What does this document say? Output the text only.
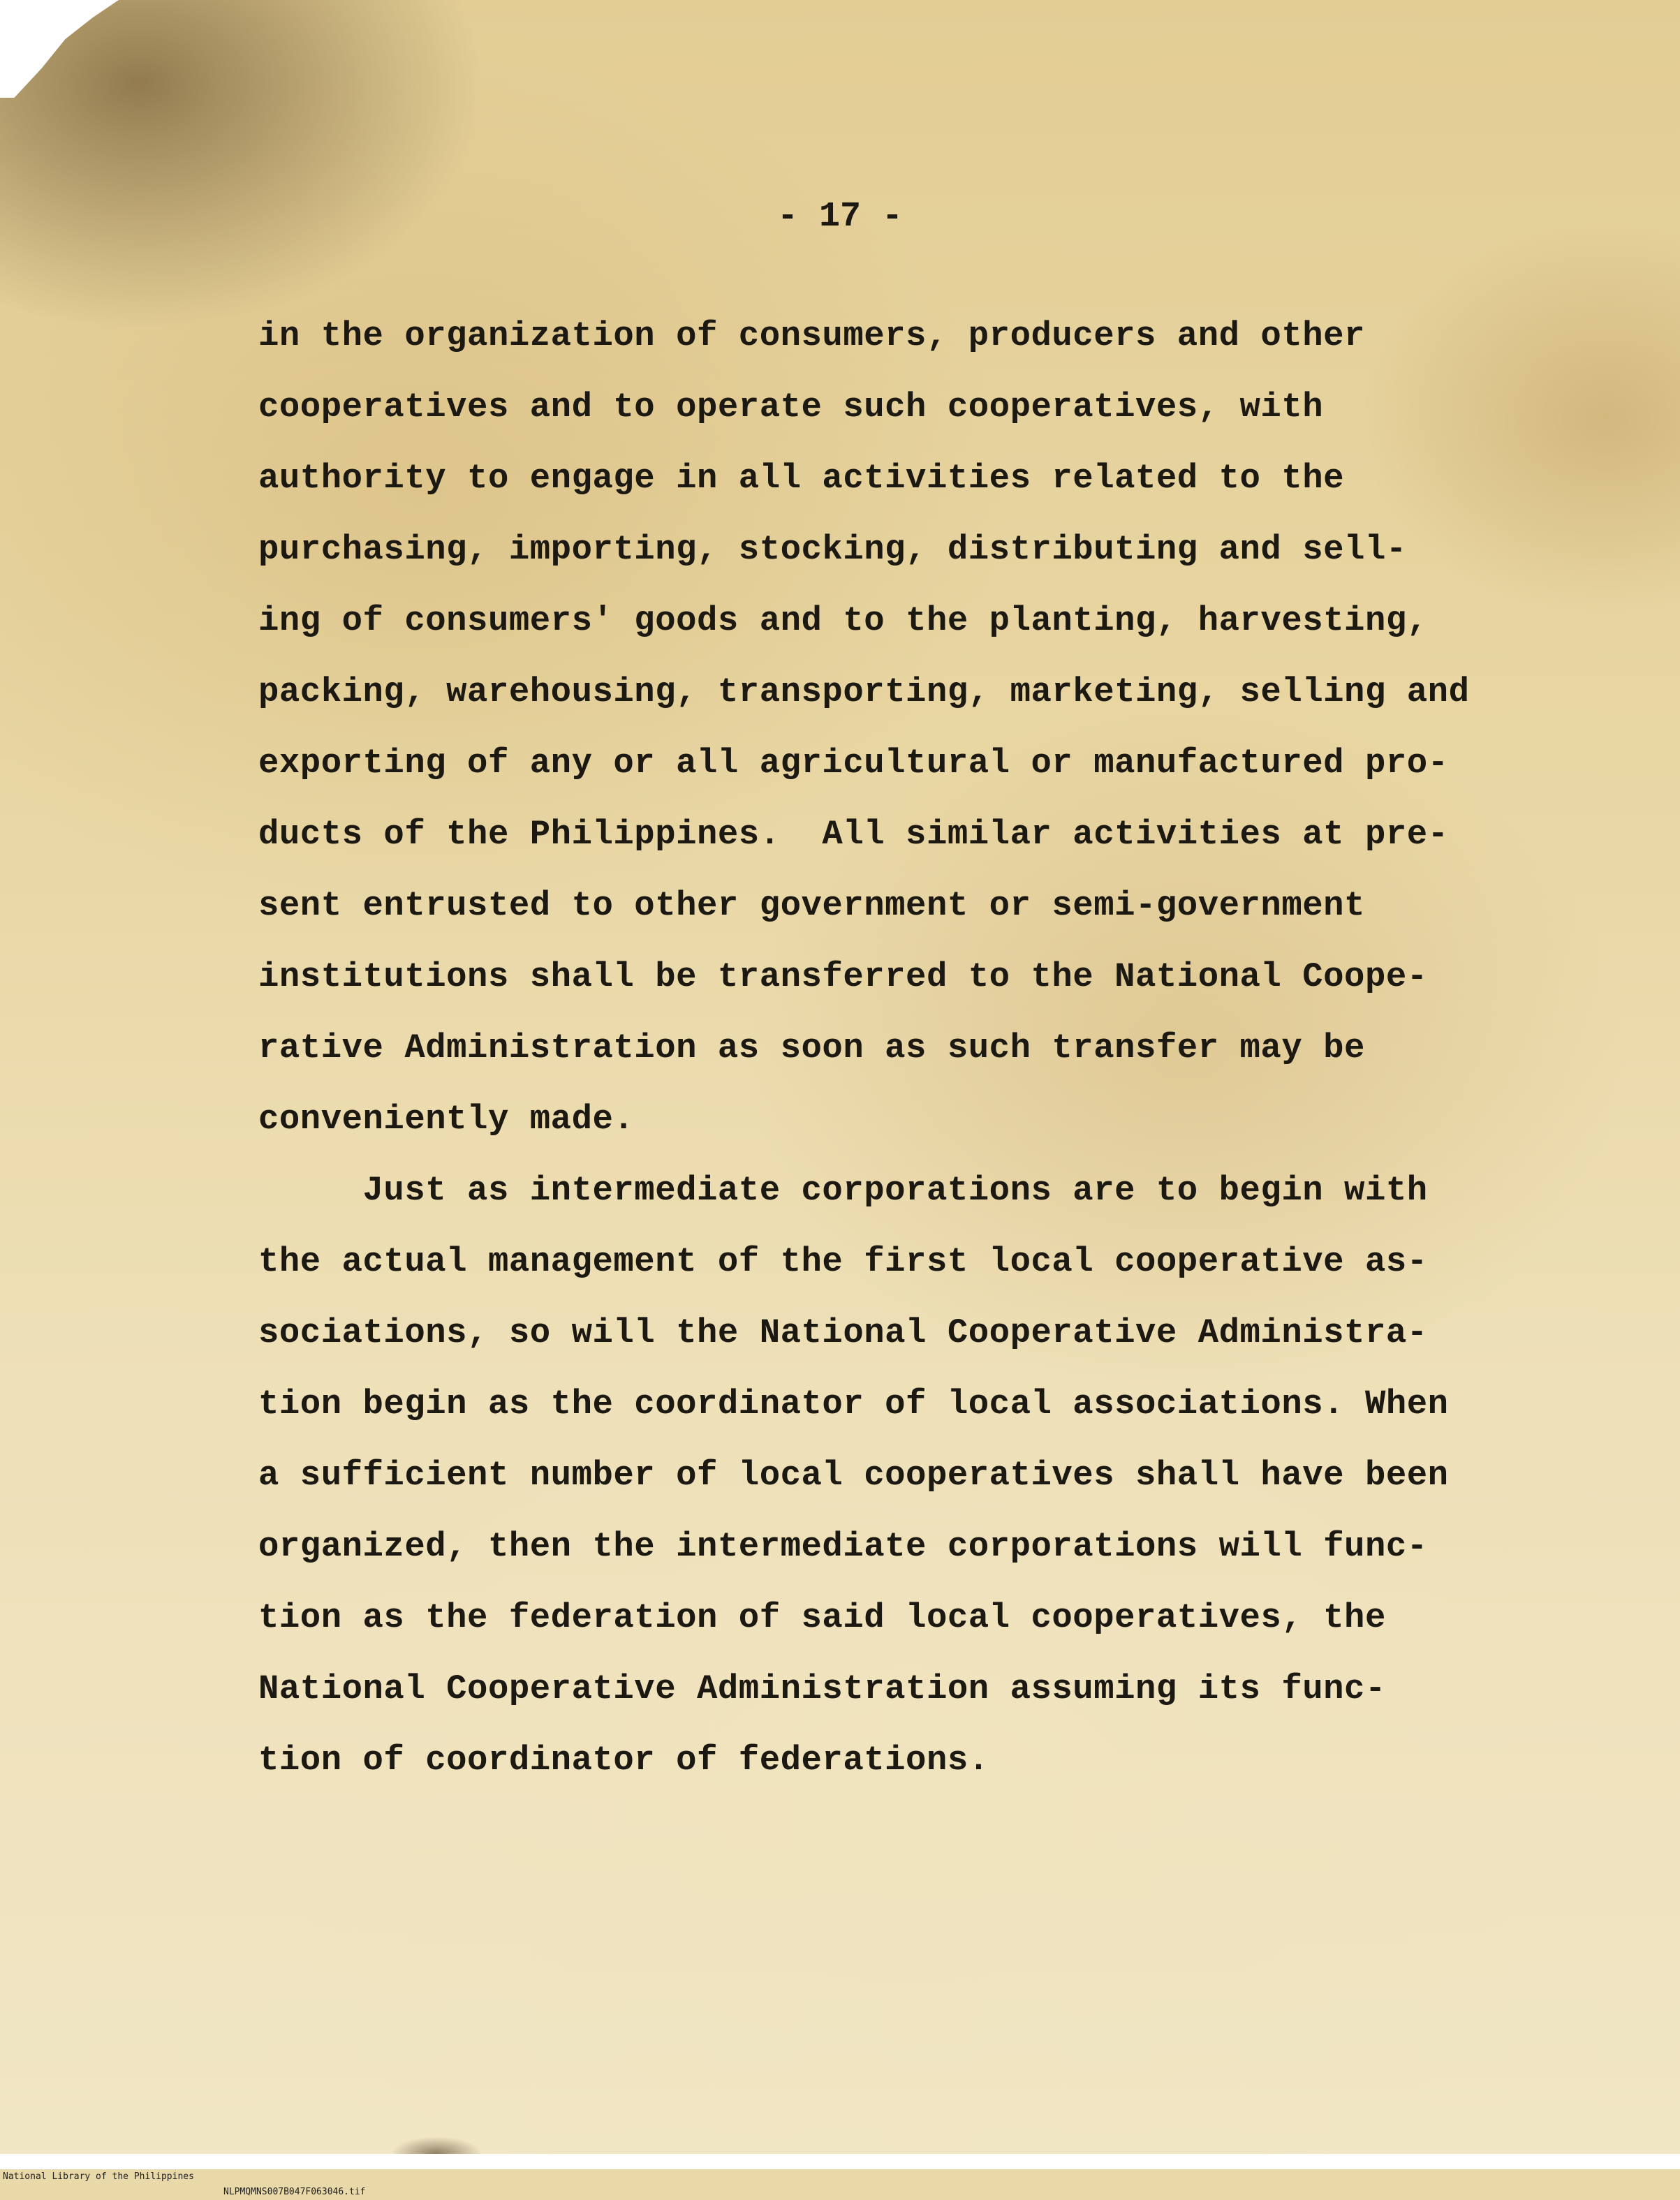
- 17 -
in the organization of consumers, producers and other
cooperatives and to operate such cooperatives, with
authority to engage in all activities related to the
purchasing, importing, stocking, distributing and sell-
ing of consumers' goods and to the planting, harvesting,
packing, warehousing, transporting, marketing, selling and
exporting of any or all agricultural or manufactured pro-
ducts of the Philippines.  All similar activities at pre-
sent entrusted to other government or semi-government
institutions shall be transferred to the National Coope-
rative Administration as soon as such transfer may be
conveniently made.
Just as intermediate corporations are to begin with
the actual management of the first local cooperative as-
sociations, so will the National Cooperative Administra-
tion begin as the coordinator of local associations. When
a sufficient number of local cooperatives shall have been
organized, then the intermediate corporations will func-
tion as the federation of said local cooperatives, the
National Cooperative Administration assuming its func-
tion of coordinator of federations.

National Library of the Philippines

NLPMQMNS007B047F063046.tif
